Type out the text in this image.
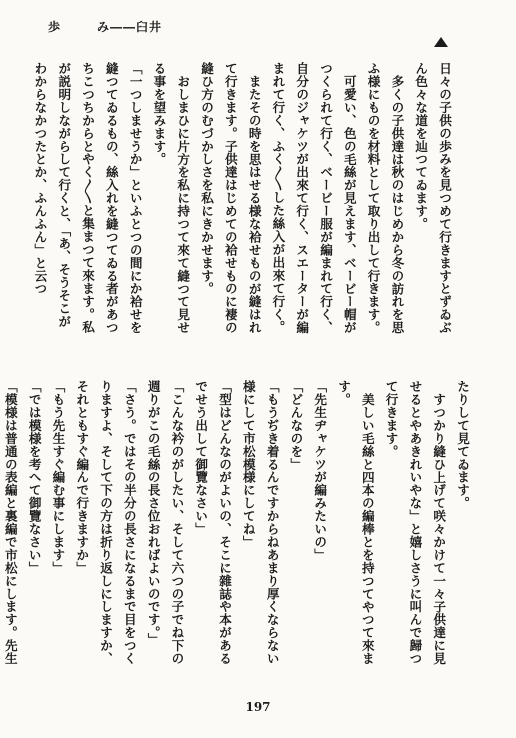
歩	み――臼井

日々の子供の歩みを見つめて行きますとずゐぶん色々な道を辿つてゐます。

多くの子供達は秋のはじめから冬の訪れを思ふ様にものを材料として取り出して行きます。

可愛い、色の毛絲が見えます、ベービー帽がつくられて行く、ベービー服が編まれて行く、自分のジャケツが出來て行く、スエーターが編まれて行く、ふく〳〵した絲入が出來て行く。

またその時を思はせる様な袷せものが縫はれて行きます。子供達はじめての袷せものに褄の縫ひ方のむづかしさを私にきかせます。

おしまひに片方を私に持つて來て縫つて見せる事を望みます。

「一つしませうか」といふとつの間にか袷せを縫つてゐるもの、絲入れを縫つてゐる者があつちこつちからとやく〳〵と集まつて來ます。私が説明しながらして行くと、「あ、そうそこがわからなかつたとか、ふんふん」と云つ

たりして見てゐます。

すつかり縫ひ上げて咲々かけて一々子供達に見せるとやあきれいやな」と嬉しさうに叫んで歸つて行きます。

美しい毛絲と四本の編棒とを持つてやつて來ます。

「先生ヂャケツが編みたいの」

「どんなのを」

「もうぢき着るんですからねあまり厚くならない様にして市松模様にしてね」

「型はどんなのがよいの、そこに雜誌や本があるでせう出して御覽なさい」

「こんな衿のがしたい、そして六つの子でね下の週りがこの毛絲の長さ位おればよいのです。」

「さう。ではその半分の長さになるまで目をつくりますよ、そして下の方は折り返しにしますか、それともすぐ編んで行きますか」

「もう先生すぐ編む事にします」

「では模様を考へて御覽なさい」

「模様は普通の表編と裏編で市松にします。先生

197
